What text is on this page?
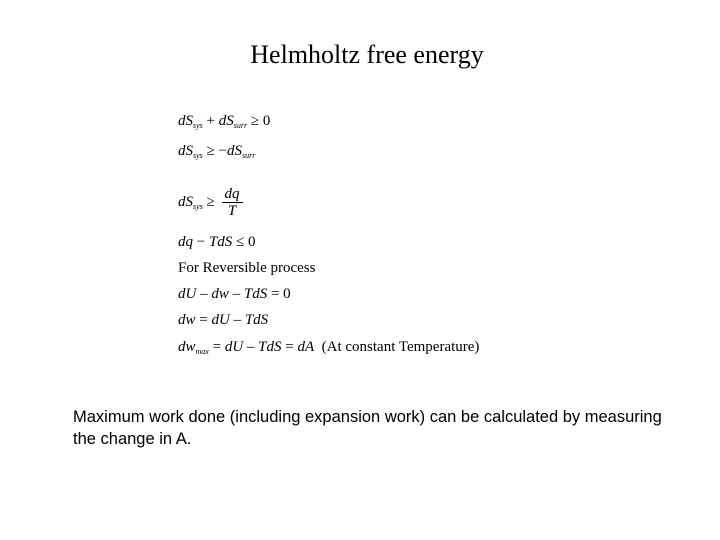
Helmholtz free energy
$dS_{sys} + dS_{surr} \ge 0$
$dS_{sys} \ge -dS_{surr}$
$dS_{sys} \ge \frac{dq}{T}$
dq − TdS ≤ 0
For Reversible process
dU – dw – TdS = 0
dw = dU – TdS
$dw_{max}$ = dU – TdS = dA  (At constant Temperature)
Maximum work done (including expansion work) can be calculated by measuring the change in A.
